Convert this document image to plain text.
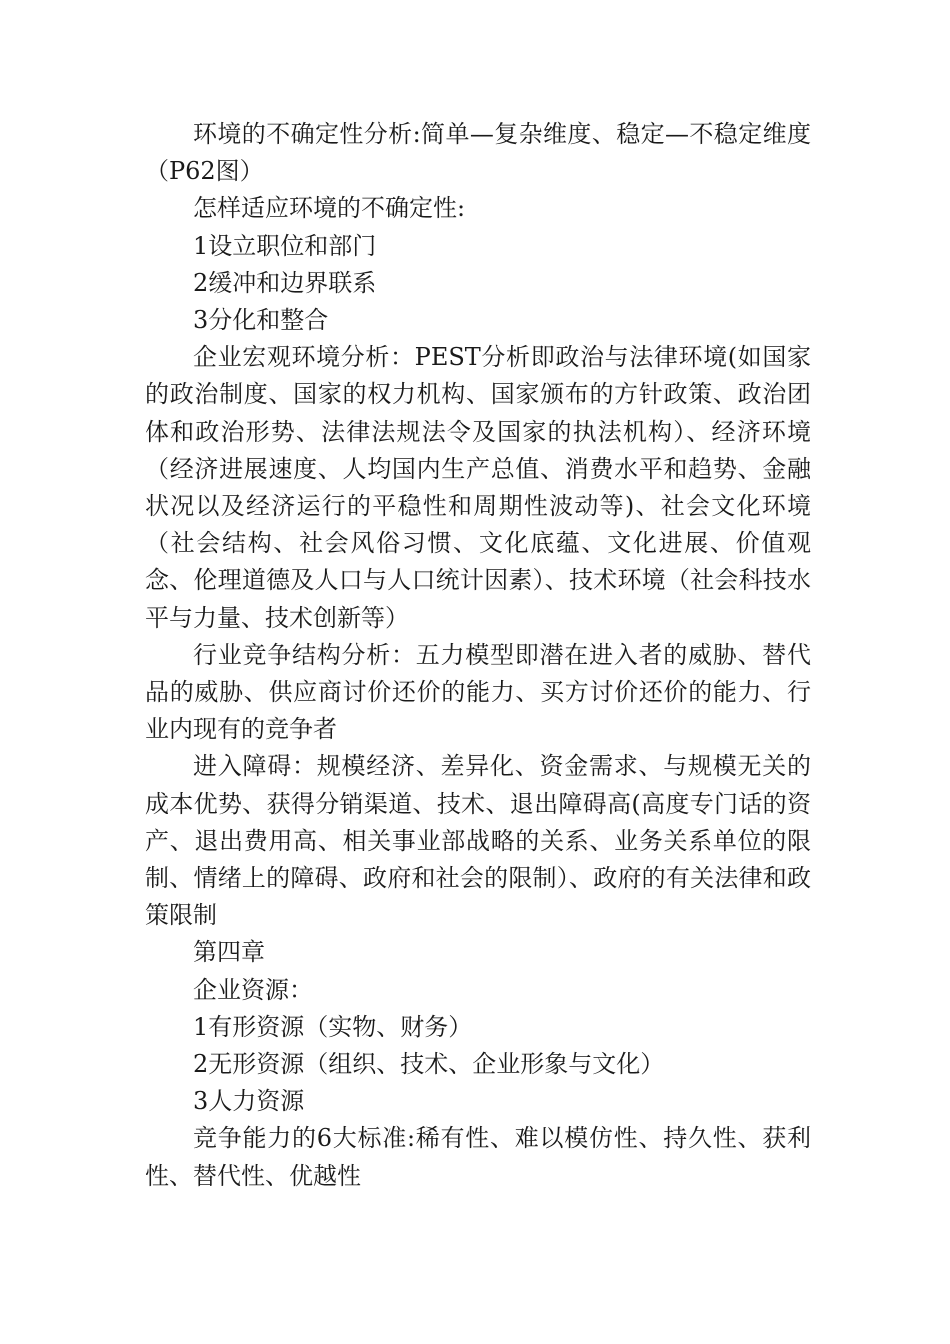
环境的不确定性分析:简单—复杂维度、稳定—不稳定维度（P62图）

怎样适应环境的不确定性:

1设立职位和部门

2缓冲和边界联系

3分化和整合

企业宏观环境分析：PEST分析即政治与法律环境(如国家的政治制度、国家的权力机构、国家颁布的方针政策、政治团体和政治形势、法律法规法令及国家的执法机构）、经济环境（经济进展速度、人均国内生产总值、消费水平和趋势、金融状况以及经济运行的平稳性和周期性波动等)、社会文化环境（社会结构、社会风俗习惯、文化底蕴、文化进展、价值观念、伦理道德及人口与人口统计因素）、技术环境（社会科技水平与力量、技术创新等）

行业竞争结构分析：五力模型即潜在进入者的威胁、替代品的威胁、供应商讨价还价的能力、买方讨价还价的能力、行业内现有的竞争者

进入障碍：规模经济、差异化、资金需求、与规模无关的成本优势、获得分销渠道、技术、退出障碍高(高度专门话的资产、退出费用高、相关事业部战略的关系、业务关系单位的限制、情绪上的障碍、政府和社会的限制）、政府的有关法律和政策限制

第四章

企业资源：

1有形资源（实物、财务）

2无形资源（组织、技术、企业形象与文化）

3人力资源

竞争能力的6大标准:稀有性、难以模仿性、持久性、获利性、替代性、优越性
